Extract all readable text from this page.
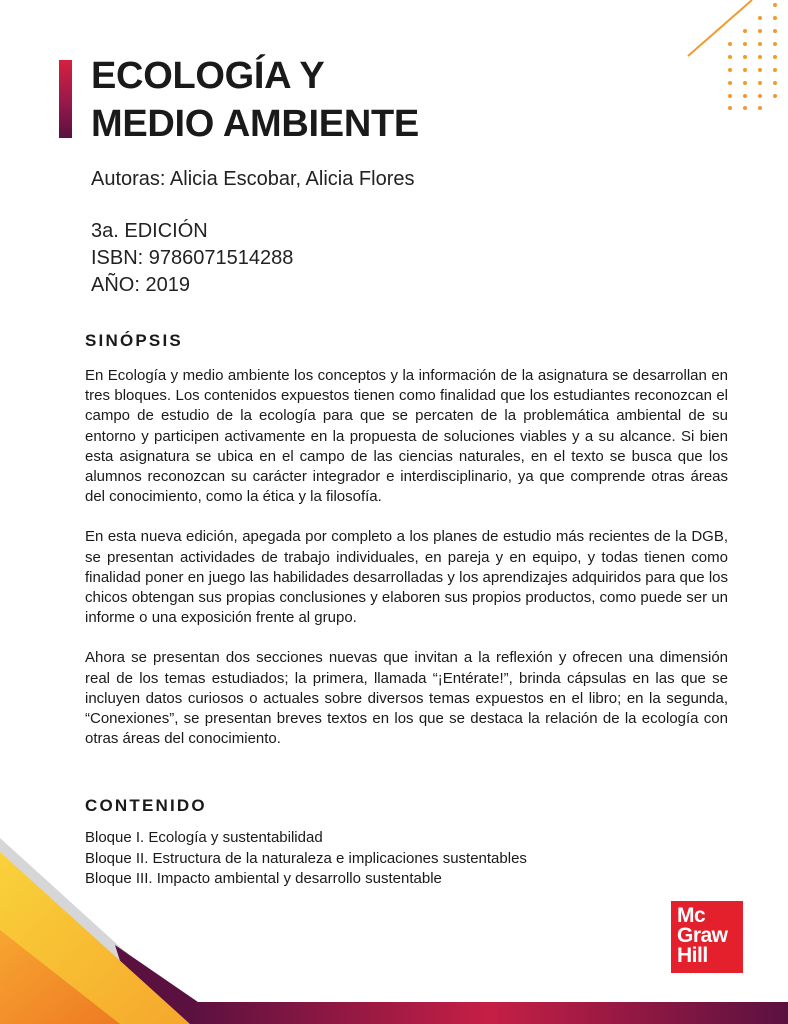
ECOLOGÍA Y
MEDIO AMBIENTE
Autoras: Alicia Escobar, Alicia Flores
3a. EDICIÓN
ISBN: 9786071514288
AÑO: 2019
SINÓPSIS

En Ecología y medio ambiente los conceptos y la información de la asignatura se desarrollan en tres bloques. Los contenidos expuestos tienen como finalidad que los estudiantes reconozcan el campo de estudio de la ecología para que se percaten de la problemática ambiental de su entorno y participen activamente en la propuesta de soluciones viables y a su alcance. Si bien esta asignatura se ubica en el campo de las ciencias naturales, en el texto se busca que los alumnos reconozcan su carácter integrador e interdisciplinario, ya que comprende otras áreas del conocimiento, como la ética y la filosofía.

En esta nueva edición, apegada por completo a los planes de estudio más recientes de la DGB, se presentan actividades de trabajo individuales, en pareja y en equipo, y todas tienen como finalidad poner en juego las habilidades desarrolladas y los aprendizajes adquiridos para que los chicos obtengan sus propias conclusiones y elaboren sus propios productos, como puede ser un informe o una exposición frente al grupo.

Ahora se presentan dos secciones nuevas que invitan a la reflexión y ofrecen una dimensión real de los temas estudiados; la primera, llamada “¡Entérate!”, brinda cápsulas en las que se incluyen datos curiosos o actuales sobre diversos temas expuestos en el libro; en la segunda, “Conexiones”, se presentan breves textos en los que se destaca la relación de la ecología con otras áreas del conocimiento.

CONTENIDO
Bloque I. Ecología y sustentabilidad
Bloque II. Estructura de la naturaleza e implicaciones sustentables
Bloque III. Impacto ambiental y desarrollo sustentable
Mc
Graw
Hill
